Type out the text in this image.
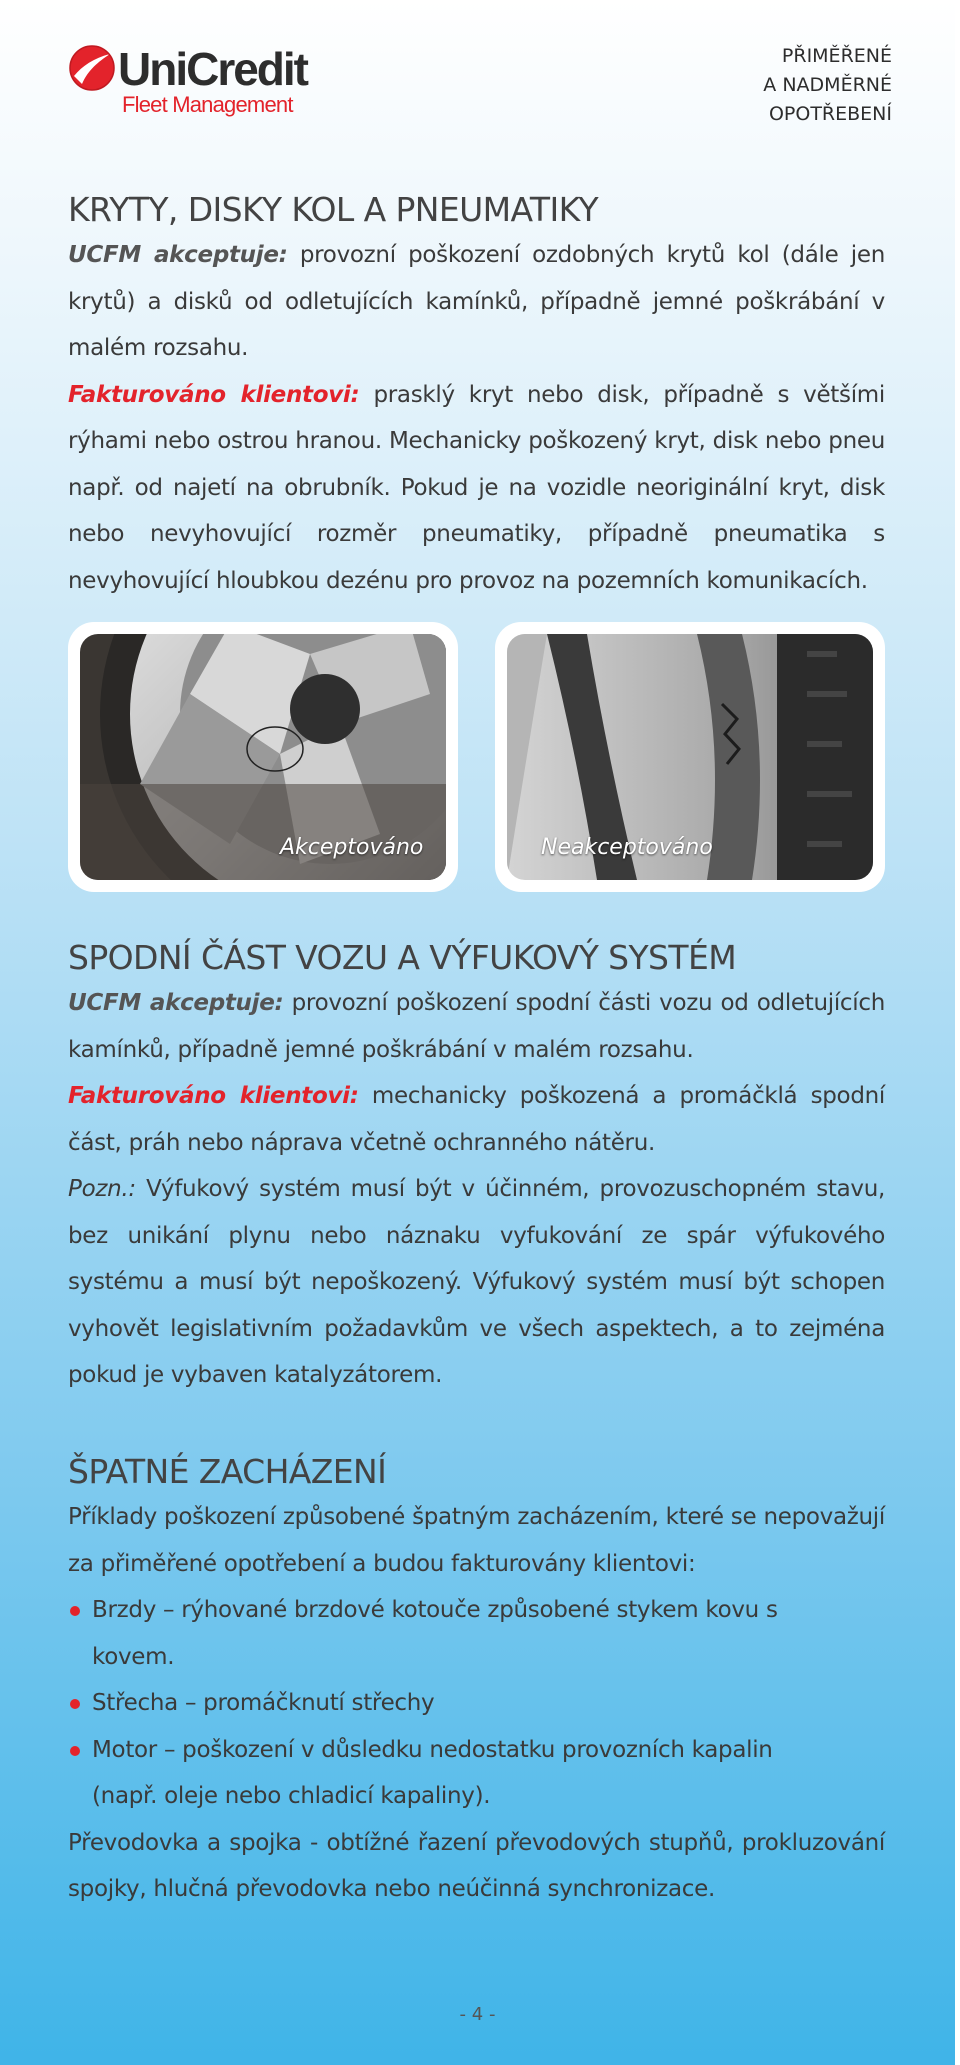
UniCredit
Fleet Management
PŘIMĚŘENÉ
A NADMĚRNÉ
OPOTŘEBENÍ
KRYTY, DISKY KOL A PNEUMATIKY

UCFM akceptuje: provozní poškození ozdobných krytů kol (dále jen krytů) a disků od odletujících kamínků, případně jemné poškrábání v malém rozsahu.

Fakturováno klientovi: prasklý kryt nebo disk, případně s většími rýhami nebo ostrou hranou. Mechanicky poškozený kryt, disk nebo pneu např. od najetí na obrubník. Pokud je na vozidle neoriginální kryt, disk nebo nevyhovující rozměr pneumatiky, případně pneumatika s nevyhovující hloubkou dezénu pro provoz na pozemních komunikacích.

Akceptováno	Neakceptováno
SPODNÍ ČÁST VOZU A VÝFUKOVÝ SYSTÉM

UCFM akceptuje: provozní poškození spodní části vozu od odletujících kamínků, případně jemné poškrábání v malém rozsahu.

Fakturováno klientovi: mechanicky poškozená a promáčklá spodní část, práh nebo náprava včetně ochranného nátěru.

Pozn.: Výfukový systém musí být v účinném, provozuschopném stavu, bez unikání plynu nebo náznaku vyfukování ze spár výfukového systému a musí být nepoškozený. Výfukový systém musí být schopen vyhovět legislativním požadavkům ve všech aspektech, a to zejména pokud je vybaven katalyzátorem.

ŠPATNÉ ZACHÁZENÍ

Příklady poškození způsobené špatným zacházením, které se nepovažují za přiměřené opotřebení a budou fakturovány klientovi:

Brzdy – rýhované brzdové kotouče způsobené stykem kovu s kovem.
Střecha – promáčknutí střechy
Motor – poškození v důsledku nedostatku provozních kapalin (např. oleje nebo chladicí kapaliny).

Převodovka a spojka - obtížné řazení převodových stupňů, prokluzování spojky, hlučná převodovka nebo neúčinná synchronizace.

- 4 -
